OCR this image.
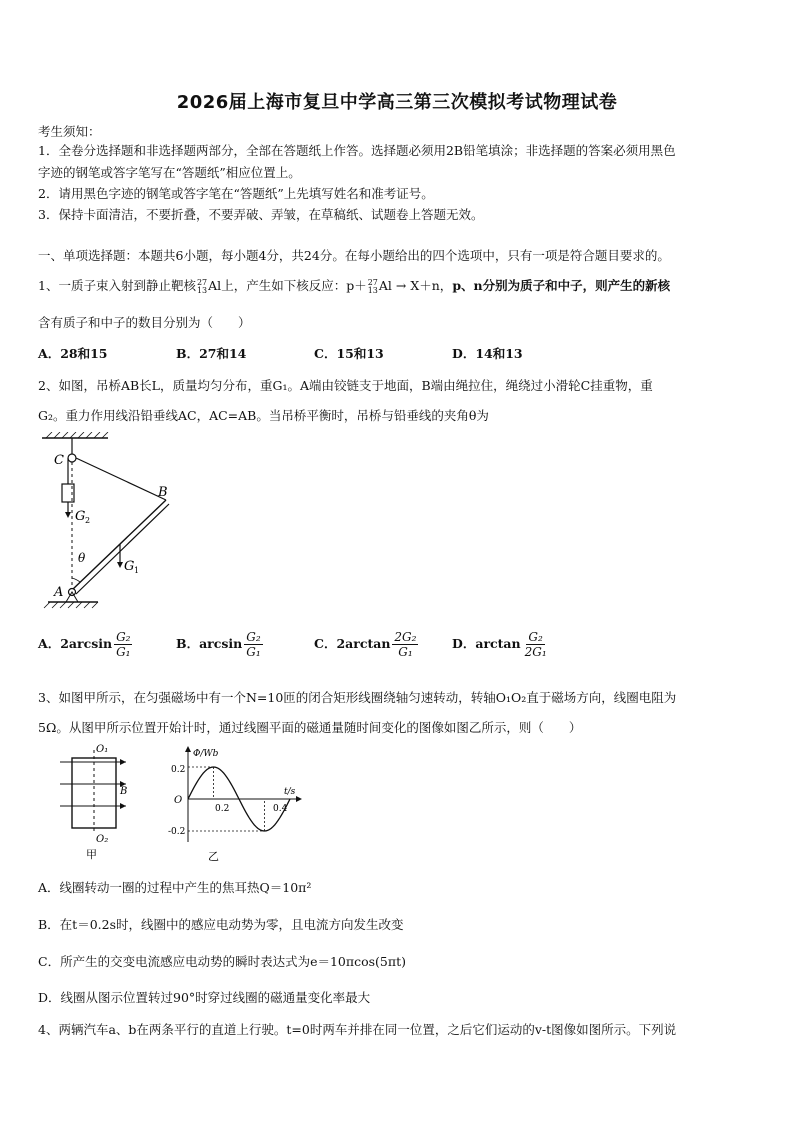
2026届上海市复旦中学高三第三次模拟考试物理试卷
考生须知：
1．全卷分选择题和非选择题两部分，全部在答题纸上作答。选择题必须用2B铅笔填涂；非选择题的答案必须用黑色
字迹的钢笔或答字笔写在“答题纸”相应位置上。
2．请用黑色字迹的钢笔或答字笔在“答题纸”上先填写姓名和准考证号。
3．保持卡面清洁，不要折叠，不要弄破、弄皱，在草稿纸、试题卷上答题无效。
一、单项选择题：本题共6小题，每小题4分，共24分。在每小题给出的四个选项中，只有一项是符合题目要求的。
1、一质子束入射到静止靶核 27
13 Al上，产生如下核反应：p＋ 27
13 Al → X＋n，p、n分别为质子和中子，则产生的新核
含有质子和中子的数目分别为（　　）
A．28和15	B．27和14	C．15和13	D．14和13
2、如图，吊桥AB长L，质量均匀分布，重G₁。A端由铰链支于地面，B端由绳拉住，绳绕过小滑轮C挂重物，重
G₂。重力作用线沿铅垂线AC，AC=AB。当吊桥平衡时，吊桥与铅垂线的夹角θ为
C
G 2
B
G 1
θ
A
A．$2\arcsin \frac{\text{G₂}}{\text{G₁}}$	B．$\arcsin \frac{\text{G₂}}{\text{G₁}}$	C．$2\arctan \frac{\text{2G₂}}{\text{G₁}}$	D．$\arctan \frac{\text{G₂}}{\text{2G₁}}$
3、如图甲所示，在匀强磁场中有一个N=10匝的闭合矩形线圈绕轴匀速转动，转轴O₁O₂直于磁场方向，线圈电阻为
5Ω。从图甲所示位置开始计时，通过线圈平面的磁通量随时间变化的图像如图乙所示，则（　　）
O₁
O₂
B
甲
Φ/Wb
t/s
O
0.2
-0.2
0.2	0.4
乙
A．线圈转动一圈的过程中产生的焦耳热Q＝10π²
B．在t＝0.2s时，线圈中的感应电动势为零，且电流方向发生改变
C．所产生的交变电流感应电动势的瞬时表达式为e＝10πcos(5πt)
D．线圈从图示位置转过90°时穿过线圈的磁通量变化率最大
4、两辆汽车a、b在两条平行的直道上行驶。t=0时两车并排在同一位置，之后它们运动的v-t图像如图所示。下列说
